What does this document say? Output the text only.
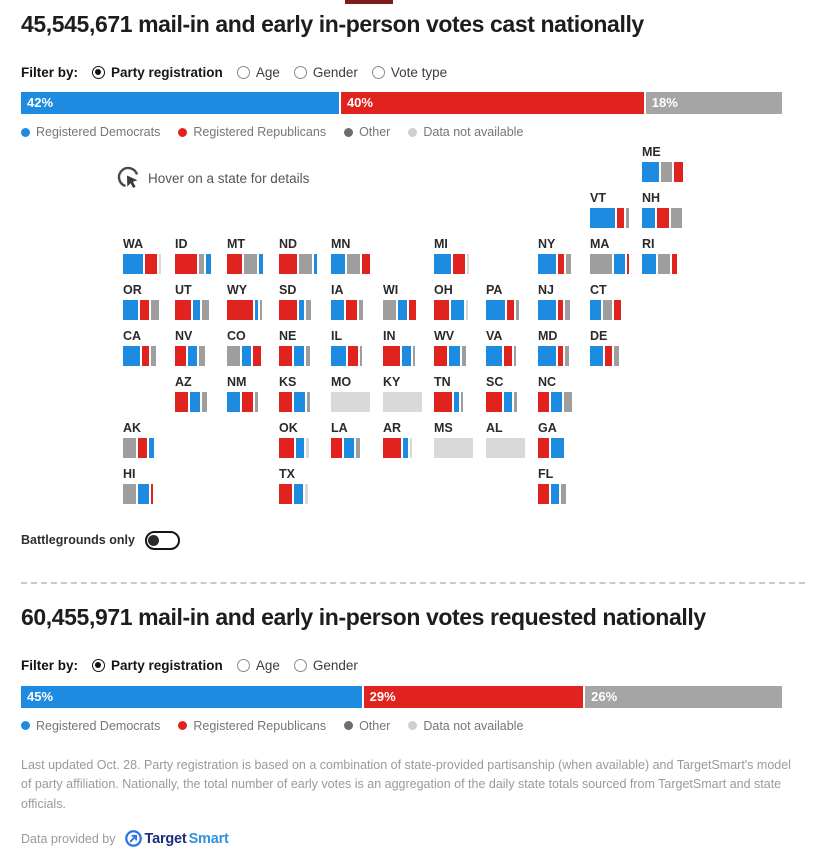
45,545,671 mail-in and early in-person votes cast nationally
Filter by: Party registration Age Gender Vote type
42%	40%	18%
Registered Democrats	Registered Republicans	Other	Data not available
Hover on a state for details
ME
VT	NH
WA	ID	MT	ND	MN	MI	NY	MA	RI
OR	UT	WY	SD	IA	WI	OH	PA	NJ	CT
CA	NV	CO	NE	IL	IN	WV	VA	MD	DE
AZ	NM	KS	MO	KY	TN	SC	NC
AK	OK	LA	AR	MS	AL	GA
HI	TX	FL
Battlegrounds only
60,455,971 mail-in and early in-person votes requested nationally
Filter by: Party registration Age Gender
45%	29%	26%
Registered Democrats	Registered Republicans	Other	Data not available

Last updated Oct. 28. Party registration is based on a combination of state-provided partisanship (when available) and TargetSmart's model of party affiliation. Nationally, the total number of early votes is an aggregation of the daily state totals sourced from TargetSmart and state officials.

Data provided by Target Smart
